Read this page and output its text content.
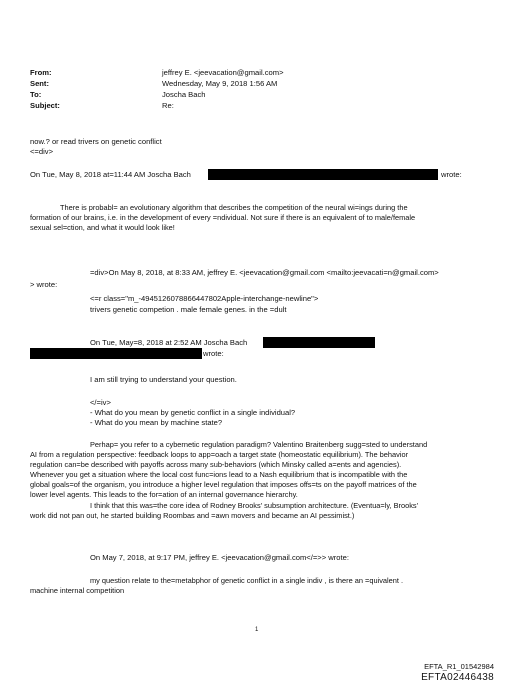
From:	jeffrey E. <jeevacation@gmail.com>
Sent:	Wednesday, May 9, 2018 1:56 AM
To:	Joscha Bach
Subject:	Re:
now.? or read trivers on genetic conflict
<=div>
On Tue, May 8, 2018 at=11:44 AM Joscha Bach	wrote:
There is probabl= an evolutionary algorithm that describes the competition of the neural wi=ings during the
formation of our brains, i.e. in the development of every =ndividual. Not sure if there is an equivalent of to male/female
sexual sel=ction, and what it would look like!
=div>On May 8, 2018, at 8:33 AM, jeffrey E. <jeevacation@gmail.com <mailto:jeevacati=n@gmail.com>
> wrote:
<=r class="m_-4945126078866447802Apple-interchange-newline">
trivers genetic competion . male female genes. in the =dult
On Tue, May=8, 2018 at 2:52 AM Joscha Bach
wrote:
I am still trying to understand your question.
</=iv>
- What do you mean by genetic conflict in a single individual?
- What do you mean by machine state?
Perhap= you refer to a cybernetic regulation paradigm? Valentino Braitenberg sugg=sted to understand
AI from a regulation perspective: feedback loops to app=oach a target state (homeostatic equilibrium). The behavior
regulation can=be described with payoffs across many sub-behaviors (which Minsky called a=ents and agencies).
Whenever you get a situation where the local cost func=ions lead to a Nash equilibrium that is incompatible with the
global goals=of the organism, you introduce a higher level regulation that imposes offs=ts on the payoff matrices of the
lower level agents. This leads to the for=ation of an internal governance hierarchy.
I think that this was=the core idea of Rodney Brooks' subsumption architecture. (Eventua=ly, Brooks'
work did not pan out, he started building Roombas and =awn movers and became an AI pessimist.)
On May 7, 2018, at 9:17 PM, jeffrey E. <jeevacation@gmail.com</=>> wrote:
my question relate to the=metabphor of genetic conflict in a single indiv , is there an =quivalent .
machine internal competition
1
EFTA_R1_01542984
EFTA02446438
